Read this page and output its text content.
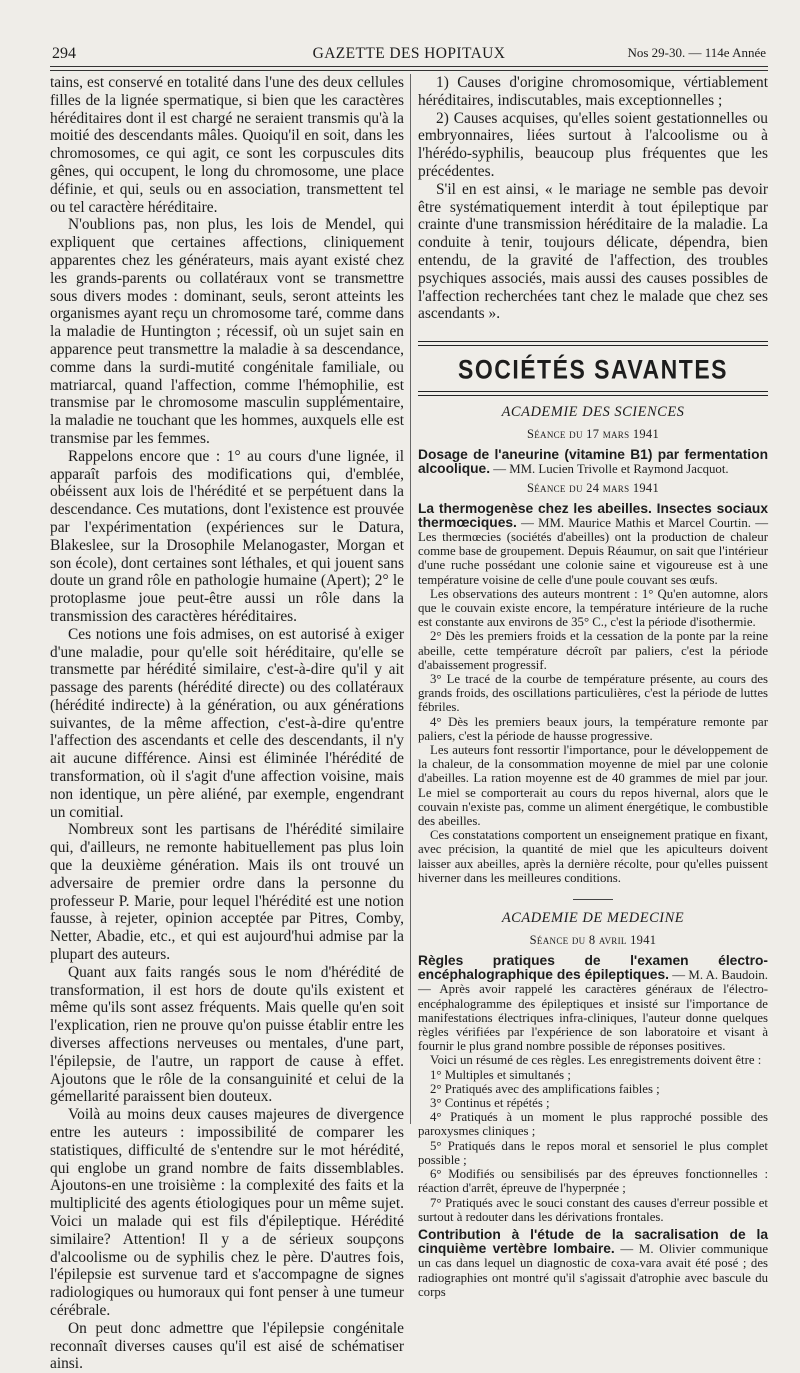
294	GAZETTE DES HOPITAUX	Nos 29-30. — 114e Année

tains, est conservé en totalité dans l'une des deux cellules filles de la lignée spermatique, si bien que les caractères héréditaires dont il est chargé ne seraient transmis qu'à la moitié des descendants mâles. Quoiqu'il en soit, dans les chromosomes, ce qui agit, ce sont les corpuscules dits gênes, qui occupent, le long du chromosome, une place définie, et qui, seuls ou en association, transmettent tel ou tel caractère héréditaire.

N'oublions pas, non plus, les lois de Mendel, qui expliquent que certaines affections, cliniquement apparentes chez les générateurs, mais ayant existé chez les grands-parents ou collatéraux vont se transmettre sous divers modes : dominant, seuls, seront atteints les organismes ayant reçu un chromosome taré, comme dans la maladie de Huntington ; récessif, où un sujet sain en apparence peut transmettre la maladie à sa descendance, comme dans la surdi-mutité congénitale familiale, ou matriarcal, quand l'affection, comme l'hémophilie, est transmise par le chromosome masculin supplémentaire, la maladie ne touchant que les hommes, auxquels elle est transmise par les femmes.

Rappelons encore que : 1° au cours d'une lignée, il apparaît parfois des modifications qui, d'emblée, obéissent aux lois de l'hérédité et se perpétuent dans la descendance. Ces mutations, dont l'existence est prouvée par l'expérimentation (expériences sur le Datura, Blakeslee, sur la Drosophile Melanogaster, Morgan et son école), dont certaines sont léthales, et qui jouent sans doute un grand rôle en pathologie humaine (Apert); 2° le protoplasme joue peut-être aussi un rôle dans la transmission des caractères héréditaires.

Ces notions une fois admises, on est autorisé à exiger d'une maladie, pour qu'elle soit héréditaire, qu'elle se transmette par hérédité similaire, c'est-à-dire qu'il y ait passage des parents (hérédité directe) ou des collatéraux (hérédité indirecte) à la génération, ou aux générations suivantes, de la même affection, c'est-à-dire qu'entre l'affection des ascendants et celle des descendants, il n'y ait aucune différence. Ainsi est éliminée l'hérédité de transformation, où il s'agit d'une affection voisine, mais non identique, un père aliéné, par exemple, engendrant un comitial.

Nombreux sont les partisans de l'hérédité similaire qui, d'ailleurs, ne remonte habituellement pas plus loin que la deuxième génération. Mais ils ont trouvé un adversaire de premier ordre dans la personne du professeur P. Marie, pour lequel l'hérédité est une notion fausse, à rejeter, opinion acceptée par Pitres, Comby, Netter, Abadie, etc., et qui est aujourd'hui admise par la plupart des auteurs.

Quant aux faits rangés sous le nom d'hérédité de transformation, il est hors de doute qu'ils existent et même qu'ils sont assez fréquents. Mais quelle qu'en soit l'explication, rien ne prouve qu'on puisse établir entre les diverses affections nerveuses ou mentales, d'une part, l'épilepsie, de l'autre, un rapport de cause à effet. Ajoutons que le rôle de la consanguinité et celui de la gémellarité paraissent bien douteux.

Voilà au moins deux causes majeures de divergence entre les auteurs : impossibilité de comparer les statistiques, difficulté de s'entendre sur le mot hérédité, qui englobe un grand nombre de faits dissemblables. Ajoutons-en une troisième : la complexité des faits et la multiplicité des agents étiologiques pour un même sujet. Voici un malade qui est fils d'épileptique. Hérédité similaire? Attention! Il y a de sérieux soupçons d'alcoolisme ou de syphilis chez le père. D'autres fois, l'épilepsie est survenue tard et s'accompagne de signes radiologiques ou humoraux qui font penser à une tumeur cérébrale.

On peut donc admettre que l'épilepsie congénitale reconnaît diverses causes qu'il est aisé de schématiser ainsi.

1) Causes d'origine chromosomique, vértiablement héréditaires, indiscutables, mais exceptionnelles ;

2) Causes acquises, qu'elles soient gestationnelles ou embryonnaires, liées surtout à l'alcoolisme ou à l'hérédo-syphilis, beaucoup plus fréquentes que les précédentes.

S'il en est ainsi, « le mariage ne semble pas devoir être systématiquement interdit à tout épileptique par crainte d'une transmission héréditaire de la maladie. La conduite à tenir, toujours délicate, dépendra, bien entendu, de la gravité de l'affection, des troubles psychiques associés, mais aussi des causes possibles de l'affection recherchées tant chez le malade que chez ses ascendants ».

SOCIÉTÉS SAVANTES
ACADEMIE DES SCIENCES
Séance du 17 mars 1941

Dosage de l'aneurine (vitamine B1) par fermentation alcoolique. — MM. Lucien Trivolle et Raymond Jacquot.

Séance du 24 mars 1941

La thermogenèse chez les abeilles. Insectes sociaux thermœciques. — MM. Maurice Mathis et Marcel Courtin. — Les thermœcies (sociétés d'abeilles) ont la production de chaleur comme base de groupement. Depuis Réaumur, on sait que l'intérieur d'une ruche possédant une colonie saine et vigoureuse est à une température voisine de celle d'une poule couvant ses œufs.

Les observations des auteurs montrent : 1° Qu'en automne, alors que le couvain existe encore, la température intérieure de la ruche est constante aux environs de 35° C., c'est la période d'isothermie.

2° Dès les premiers froids et la cessation de la ponte par la reine abeille, cette température décroît par paliers, c'est la période d'abaissement progressif.

3° Le tracé de la courbe de température présente, au cours des grands froids, des oscillations particulières, c'est la période de luttes fébriles.

4° Dès les premiers beaux jours, la température remonte par paliers, c'est la période de hausse progressive.

Les auteurs font ressortir l'importance, pour le développement de la chaleur, de la consommation moyenne de miel par une colonie d'abeilles. La ration moyenne est de 40 grammes de miel par jour. Le miel se comporterait au cours du repos hivernal, alors que le couvain n'existe pas, comme un aliment énergétique, le combustible des abeilles.

Ces constatations comportent un enseignement pratique en fixant, avec précision, la quantité de miel que les apiculteurs doivent laisser aux abeilles, après la dernière récolte, pour qu'elles puissent hiverner dans les meilleures conditions.

ACADEMIE DE MEDECINE
Séance du 8 avril 1941

Règles pratiques de l'examen électro-encéphalographique des épileptiques. — M. A. Baudoin. — Après avoir rappelé les caractères généraux de l'électro-encéphalogramme des épileptiques et insisté sur l'importance de manifestations électriques infra-cliniques, l'auteur donne quelques règles vérifiées par l'expérience de son laboratoire et visant à fournir le plus grand nombre possible de réponses positives.

Voici un résumé de ces règles. Les enregistrements doivent être :

1° Multiples et simultanés ;
2° Pratiqués avec des amplifications faibles ;
3° Continus et répétés ;
4° Pratiqués à un moment le plus rapproché possible des paroxysmes cliniques ;
5° Pratiqués dans le repos moral et sensoriel le plus complet possible ;
6° Modifiés ou sensibilisés par des épreuves fonctionnelles : réaction d'arrêt, épreuve de l'hyperpnée ;
7° Pratiqués avec le souci constant des causes d'erreur possible et surtout à redouter dans les dérivations frontales.

Contribution à l'étude de la sacralisation de la cinquième vertèbre lombaire. — M. Olivier communique un cas dans lequel un diagnostic de coxa-vara avait été posé ; des radiographies ont montré qu'il s'agissait d'atrophie avec bascule du corps
